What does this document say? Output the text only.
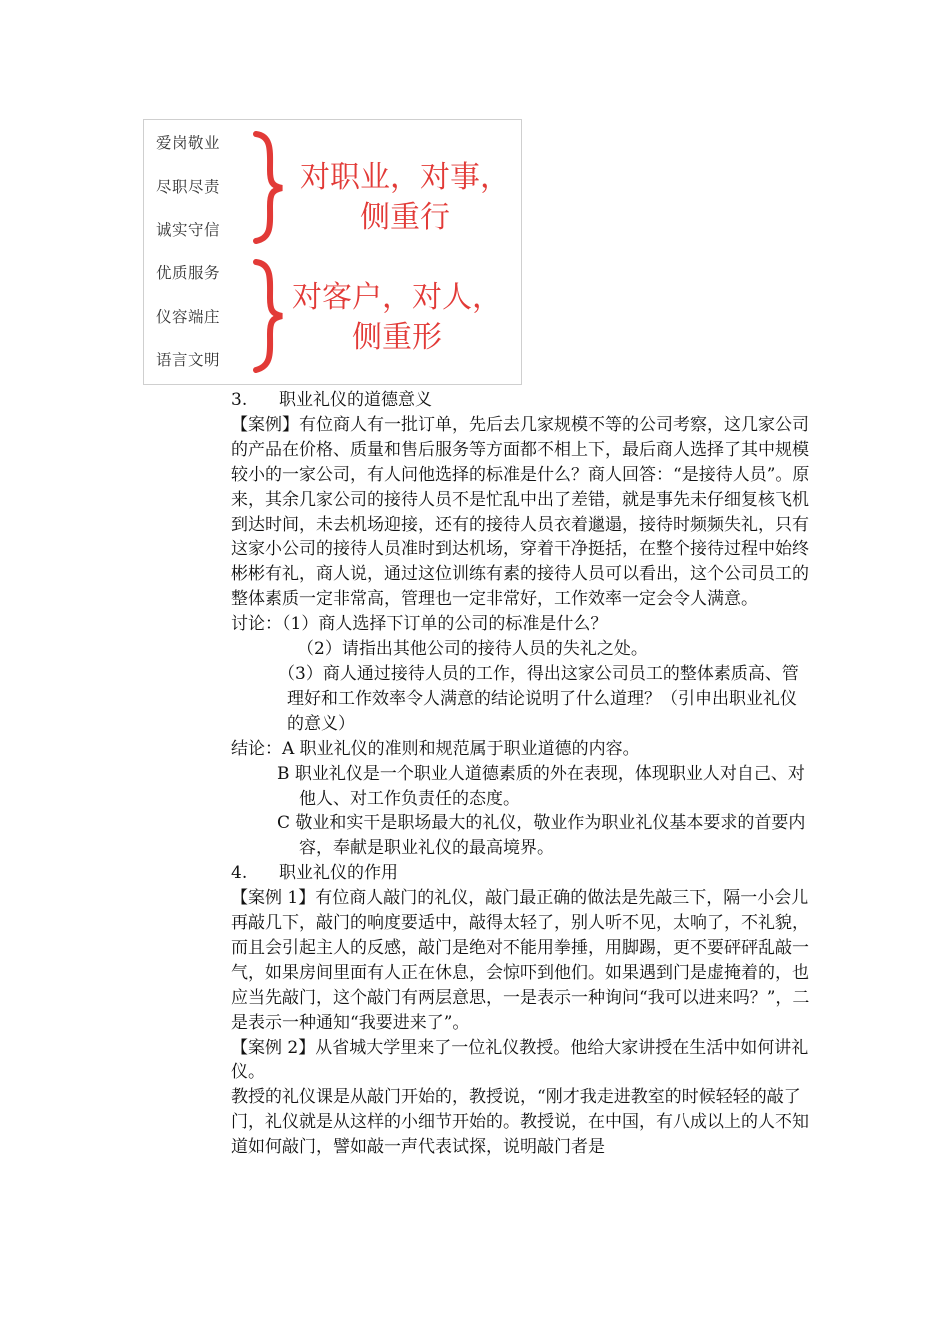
爱岗敬业
尽职尽责
诚实守信
对职业，对事，
侧重行
优质服务
仪容端庄
语言文明
对客户，对人，
侧重形

3. 职业礼仪的道德意义

【案例】有位商人有一批订单，先后去几家规模不等的公司考察，这几家公司的产品在价格、质量和售后服务等方面都不相上下，最后商人选择了其中规模较小的一家公司，有人问他选择的标准是什么？商人回答：“是接待人员”。原来，其余几家公司的接待人员不是忙乱中出了差错，就是事先未仔细复核飞机到达时间，未去机场迎接，还有的接待人员衣着邋遢，接待时频频失礼，只有这家小公司的接待人员准时到达机场，穿着干净挺括，在整个接待过程中始终彬彬有礼，商人说，通过这位训练有素的接待人员可以看出，这个公司员工的整体素质一定非常高，管理也一定非常好，工作效率一定会令人满意。

讨论：（1）商人选择下订单的公司的标准是什么？

（2）请指出其他公司的接待人员的失礼之处。

（3）商人通过接待人员的工作，得出这家公司员工的整体素质高、管理好和工作效率令人满意的结论说明了什么道理？（引申出职业礼仪的意义）

结论：A 职业礼仪的准则和规范属于职业道德的内容。

B 职业礼仪是一个职业人道德素质的外在表现，体现职业人对自己、对他人、对工作负责任的态度。

C 敬业和实干是职场最大的礼仪，敬业作为职业礼仪基本要求的首要内容，奉献是职业礼仪的最高境界。

4. 职业礼仪的作用

【案例 1】有位商人敲门的礼仪，敲门最正确的做法是先敲三下，隔一小会儿再敲几下，敲门的响度要适中，敲得太轻了，别人听不见，太响了，不礼貌，而且会引起主人的反感，敲门是绝对不能用拳捶，用脚踢，更不要砰砰乱敲一气，如果房间里面有人正在休息，会惊吓到他们。如果遇到门是虚掩着的，也应当先敲门，这个敲门有两层意思，一是表示一种询问“我可以进来吗？”，二是表示一种通知“我要进来了”。

【案例 2】从省城大学里来了一位礼仪教授。他给大家讲授在生活中如何讲礼仪。

教授的礼仪课是从敲门开始的，教授说，“刚才我走进教室的时候轻轻的敲了门，礼仪就是从这样的小细节开始的。教授说，在中国，有八成以上的人不知道如何敲门，譬如敲一声代表试探，说明敲门者是
